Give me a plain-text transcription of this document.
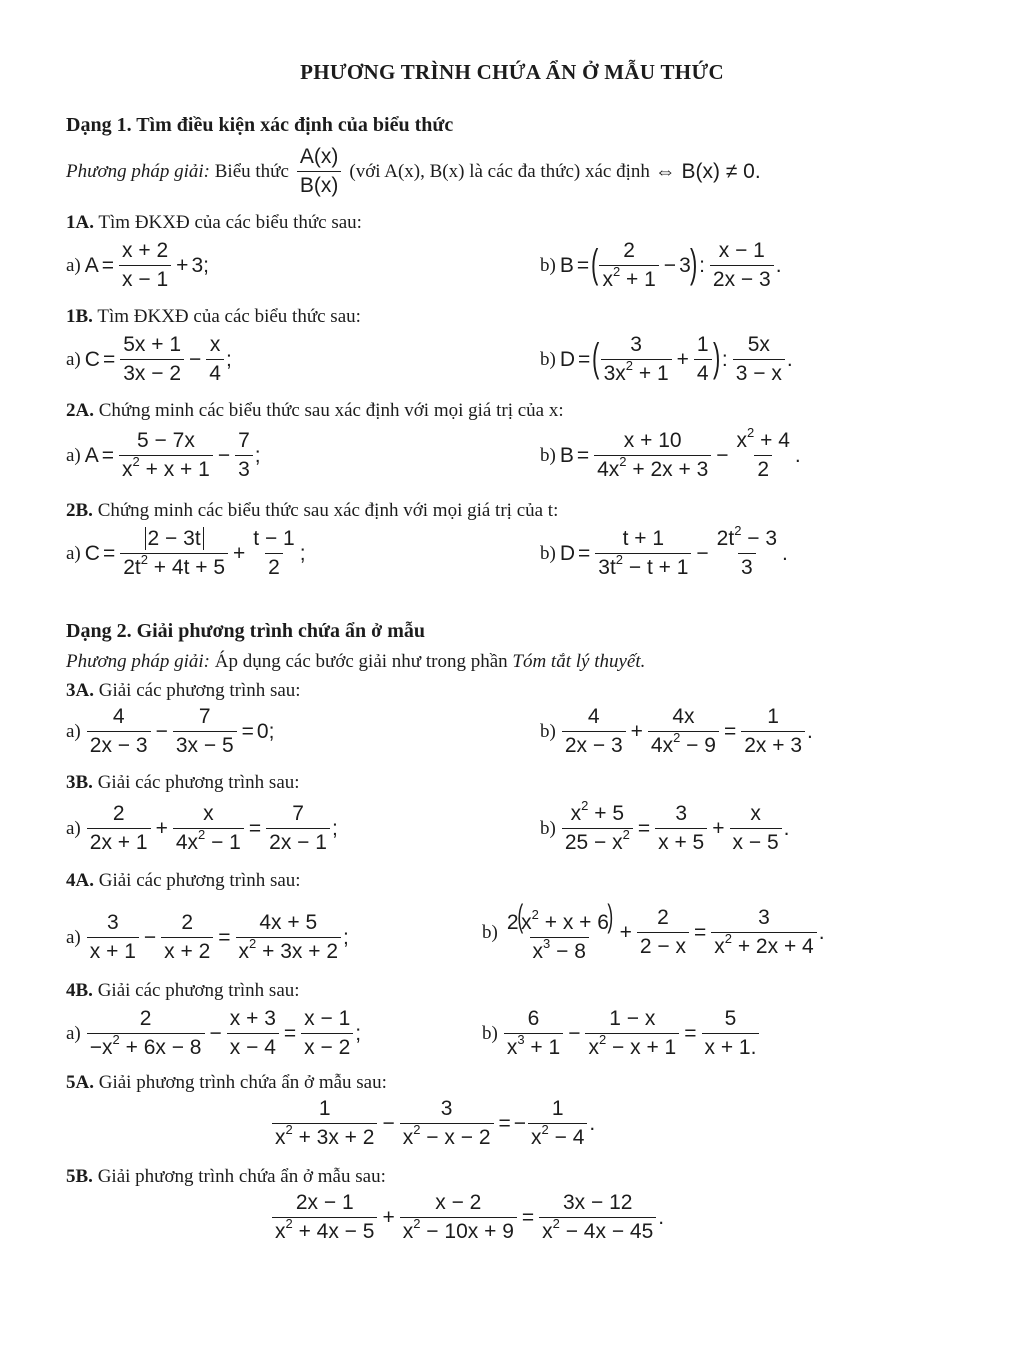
PHƯƠNG TRÌNH CHỨA ẨN Ở MẪU THỨC
Dạng 1. Tìm điều kiện xác định của biểu thức
Phương pháp giải:
Biểu thức $\frac{A(x)}{B(x)}$ (với A(x), B(x) là các đa thức) xác định
⇔ B(x) ≠ 0.
1A. Tìm ĐKXĐ của các biểu thức sau:
a)
$A = \frac{x + 2}{x - 1} + 3$;	b)
B = ( $\frac{2}{x^2 + 1} - 3$
) : $\frac{x - 1}{2x - 3}$ .
1B. Tìm ĐKXĐ của các biểu thức sau:
a)
$C = \frac{5x + 1}{3x - 2} - \frac{x}{4}$ ;	b)
D = ( $\frac{3}{3x^2 + 1} + \frac{1}{4}$ ) : $\frac{5x}{3 - x}$ .
2A. Chứng minh các biểu thức sau xác định với mọi giá trị của x:
a)
$A = \frac{5 - 7x}{x^2 + x + 1} - \frac{7}{3}$ ;	b)
$B = \frac{x + 10}{4x^2 + 2x + 3} - \frac{x^2 + 4}{2}$ .
2B. Chứng minh các biểu thức sau xác định với mọi giá trị của t:
a)
$C = \frac{2 - 3t}{2t^2 + 4t + 5} + \frac{t - 1}{2}$ ;	b)
$D = \frac{t + 1}{3t^2 - t + 1} - \frac{2t^2 - 3}{3}$ .
Dạng 2. Giải phương trình chứa ẩn ở mẫu
Phương pháp giải: Áp dụng các bước giải như trong phần Tóm tắt lý thuyết.
3A. Giải các phương trình sau:
a)
$\frac{4}{2x - 3} - \frac{7}{3x - 5} = 0$;	b)
$\frac{4}{2x - 3} + \frac{4x}{4x^2 - 9} = \frac{1}{2x + 3}$ .
3B. Giải các phương trình sau:
a)
$\frac{2}{2x + 1} + \frac{x}{4x^2 - 1} = \frac{7}{2x - 1}$ ;	b)
$\frac{x^2 + 5}{25 - x^2} = \frac{3}{x + 5} + \frac{x}{x - 5}$ .
4A. Giải các phương trình sau:
a)
$\frac{3}{x + 1} - \frac{2}{x + 2} = \frac{4x + 5}{x^2 + 3x + 2}$ ;	b)
$\frac{2(x^2 + x + 6)}{x^3 - 8} + \frac{2}{2 - x} = \frac{3}{x^2 + 2x + 4}$ .
4B. Giải các phương trình sau:
a)
$\frac{2}{-x^2 + 6x - 8} - \frac{x + 3}{x - 4} = \frac{x - 1}{x - 2}$ ;	b)
$\frac{6}{x^3 + 1} - \frac{1 - x}{x^2 - x + 1} = \frac{5}{x + 1.}$
5A. Giải phương trình chứa ẩn ở mẫu sau:
$\frac{1}{x^2 + 3x + 2} - \frac{3}{x^2 - x - 2}$ = − $\frac{1}{x^2 - 4}$ .
5B. Giải phương trình chứa ẩn ở mẫu sau:
$\frac{2x - 1}{x^2 + 4x - 5} + \frac{x - 2}{x^2 - 10x + 9} = \frac{3x - 12}{x^2 - 4x - 45}$ .
